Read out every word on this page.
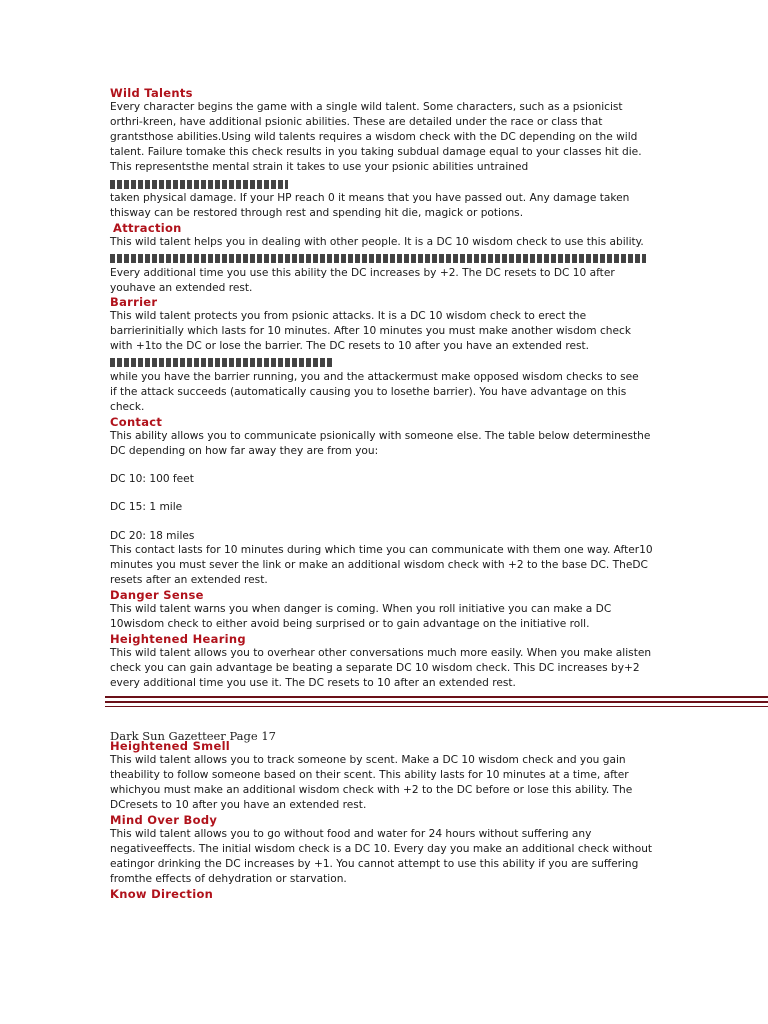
Wild Talents
Every character begins the game with a single wild talent. Some characters, such as a psionicist
orthri-kreen, have additional psionic abilities. These are detailed under the race or class that
grantsthose abilities.Using wild talents requires a wisdom check with the DC depending on the wild
talent. Failure tomake this check results in you taking subdual damage equal to your classes hit die.
This representsthe mental strain it takes to use your psionic abilities untrained
taken physical damage. If your HP reach 0 it means that you have passed out. Any damage taken
thisway can be restored through rest and spending hit die, magick or potions.
Attraction
This wild talent helps you in dealing with other people. It is a DC 10 wisdom check to use this ability.
Every additional time you use this ability the DC increases by +2. The DC resets to DC 10 after
youhave an extended rest.
Barrier
This wild talent protects you from psionic attacks. It is a DC 10 wisdom check to erect the
barrierinitially which lasts for 10 minutes. After 10 minutes you must make another wisdom check
with +1to the DC or lose the barrier. The DC resets to 10 after you have an extended rest.
while you have the barrier running, you and the attackermust make opposed wisdom checks to see
if the attack succeeds (automatically causing you to losethe barrier). You have advantage on this
check.
Contact
This ability allows you to communicate psionically with someone else. The table below determinesthe
DC depending on how far away they are from you:
DC 10: 100 feet
DC 15: 1 mile
DC 20: 18 miles
This contact lasts for 10 minutes during which time you can communicate with them one way. After10
minutes you must sever the link or make an additional wisdom check with +2 to the base DC. TheDC
resets after an extended rest.
Danger Sense
This wild talent warns you when danger is coming. When you roll initiative you can make a DC
10wisdom check to either avoid being surprised or to gain advantage on the initiative roll.
Heightened Hearing
This wild talent allows you to overhear other conversations much more easily. When you make alisten
check you can gain advantage be beating a separate DC 10 wisdom check. This DC increases by+2
every additional time you use it. The DC resets to 10 after an extended rest.
Dark Sun Gazetteer Page 17
Heightened Smell
This wild talent allows you to track someone by scent. Make a DC 10 wisdom check and you gain
theability to follow someone based on their scent. This ability lasts for 10 minutes at a time, after
whichyou must make an additional wisdom check with +2 to the DC before or lose this ability. The
DCresets to 10 after you have an extended rest.
Mind Over Body
This wild talent allows you to go without food and water for 24 hours without suffering any
negativeeffects. The initial wisdom check is a DC 10. Every day you make an additional check without
eatingor drinking the DC increases by +1. You cannot attempt to use this ability if you are suffering
fromthe effects of dehydration or starvation.
Know Direction
